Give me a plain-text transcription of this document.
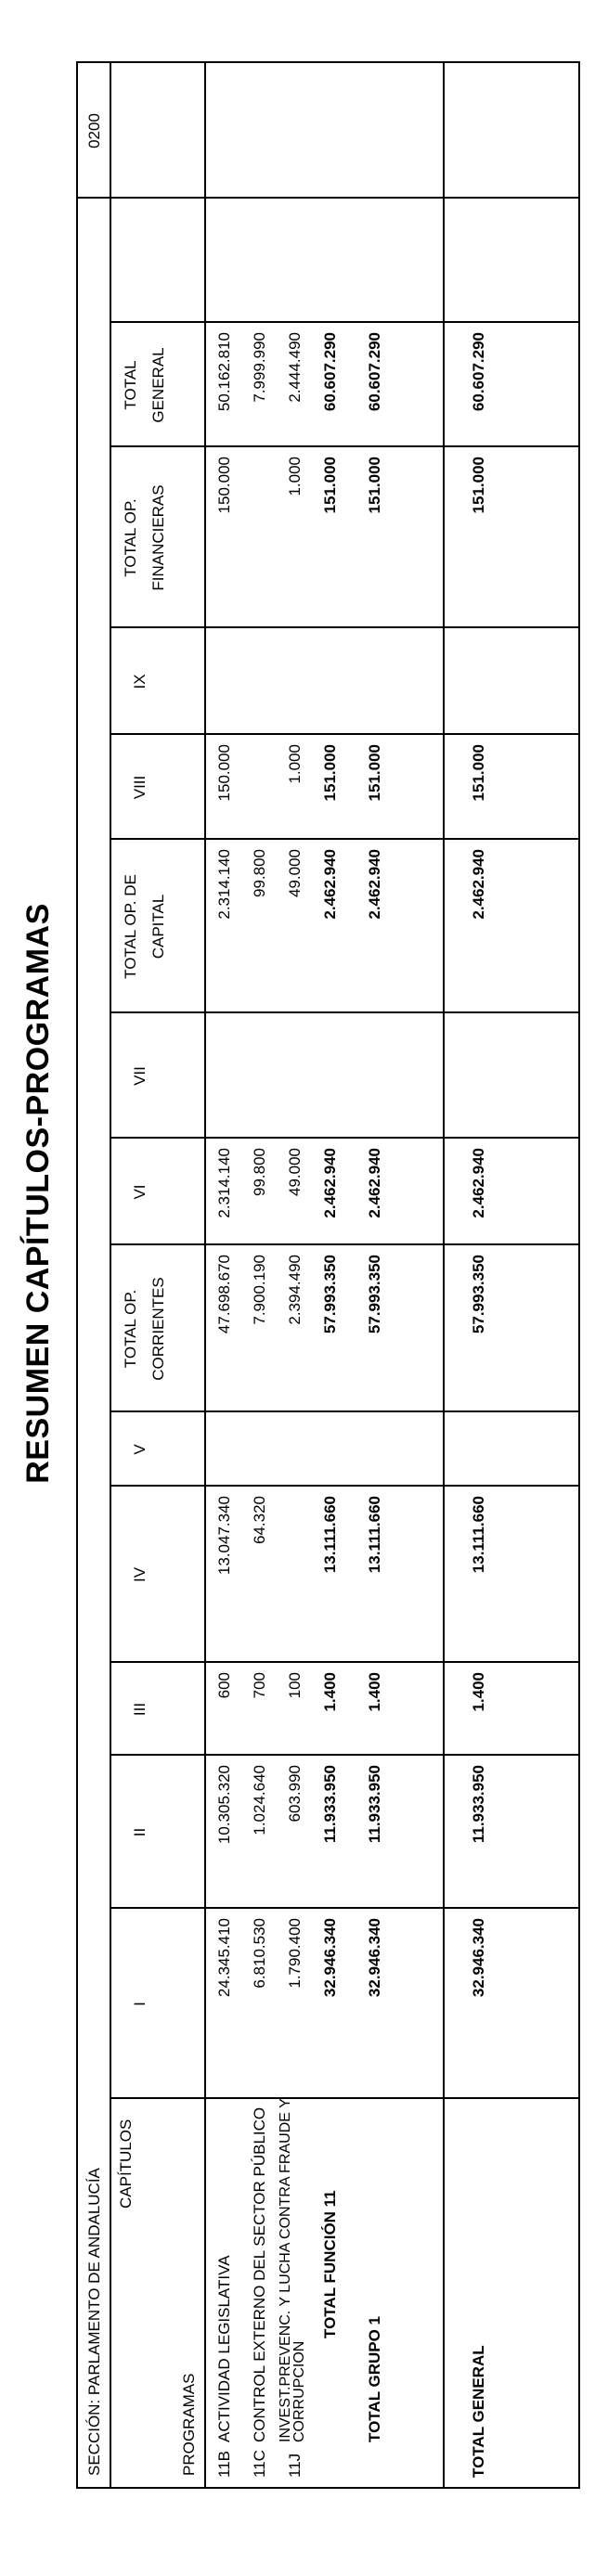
RESUMEN CAPÍTULOS-PROGRAMAS
SECCIÓN: PARLAMENTO DE ANDALUCÍA
0200
CAPÍTULOS
PROGRAMAS
I
II
III
IV
V
TOTAL OP. CORRIENTES
VI
VII
TOTAL OP. DE CAPITAL
VIII
IX
TOTAL OP. FINANCIERAS
TOTAL GENERAL
11B
ACTIVIDAD LEGISLATIVA
24.345.410
10.305.320
600
13.047.340
47.698.670
2.314.140
2.314.140
150.000
150.000
50.162.810
11C
CONTROL EXTERNO DEL SECTOR PÚBLICO
6.810.530
1.024.640
700
64.320
7.900.190
99.800
99.800
7.999.990
11J
INVEST.PREVENC. Y LUCHA CONTRA FRAUDE Y
CORRUPCION
1.790.400
603.990
100
2.394.490
49.000
49.000
1.000
1.000
2.444.490
TOTAL FUNCIÓN 11
32.946.340
11.933.950
1.400
13.111.660
57.993.350
2.462.940
2.462.940
151.000
151.000
60.607.290
TOTAL GRUPO 1
32.946.340
11.933.950
1.400
13.111.660
57.993.350
2.462.940
2.462.940
151.000
151.000
60.607.290
TOTAL GENERAL
32.946.340
11.933.950
1.400
13.111.660
57.993.350
2.462.940
2.462.940
151.000
151.000
60.607.290
